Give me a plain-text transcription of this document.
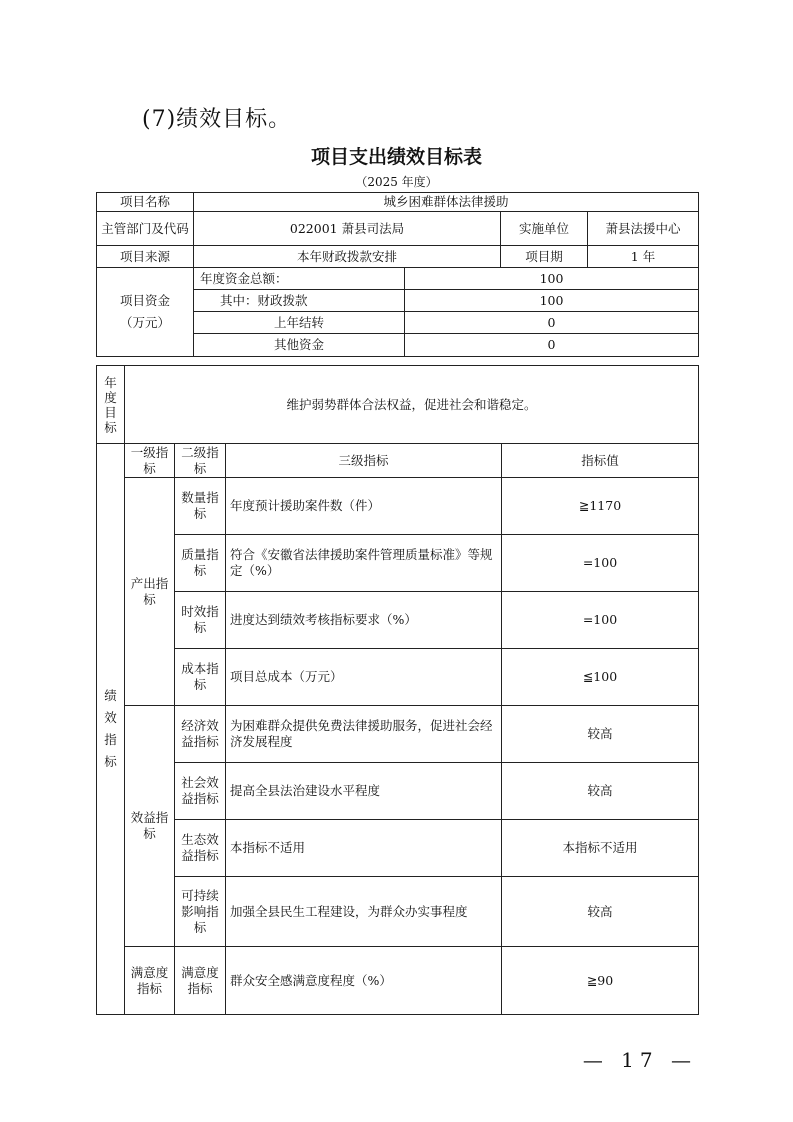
(7)绩效目标。
项目支出绩效目标表
（2025 年度）
项目名称	城乡困难群体法律援助			
主管部门及代码	022001 萧县司法局		实施单位	萧县法援中心
项目来源	本年财政拨款安排		项目期	1 年
项目资金（万元）	年度资金总额：	100		
	其中：财政拨款	100		
	上年结转	0		
	其他资金	0		
年度目标	维护弱势群体合法权益，促进社会和谐稳定。			
绩效指标	一级指标	二级指标	三级指标	指标值
	产出指标	数量指标	年度预计援助案件数（件）	≧1170
		质量指标	符合《安徽省法律援助案件管理质量标准》等规定（%）	=100
		时效指标	进度达到绩效考核指标要求（%）	=100
		成本指标	项目总成本（万元）	≦100
	效益指标	经济效益指标	为困难群众提供免费法律援助服务，促进社会经济发展程度	较高
		社会效益指标	提高全县法治建设水平程度	较高
		生态效益指标	本指标不适用	本指标不适用
		可持续影响指标	加强全县民生工程建设，为群众办实事程度	较高
	满意度指标	满意度指标	群众安全感满意度程度（%）	≧90
— 17 —
